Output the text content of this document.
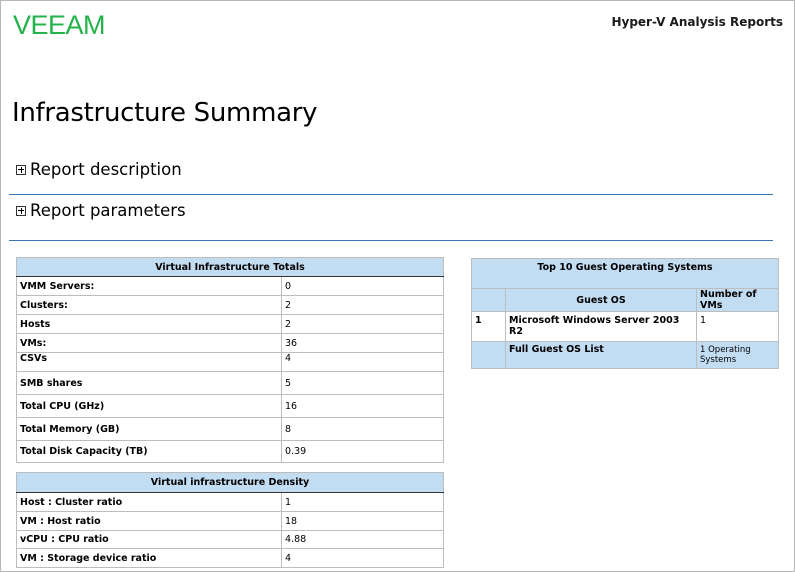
VEEAM	Hyper-V Analysis Reports
Infrastructure Summary
Report description
Report parameters
Virtual Infrastructure Totals	
VMM Servers:	0
Clusters:	2
Hosts	2
VMs:	36
CSVs	4
SMB shares	5
Total CPU (GHz)	16
Total Memory (GB)	8
Total Disk Capacity (TB)	0.39
Virtual infrastructure Density	
Host : Cluster ratio	1
VM : Host ratio	18
vCPU : CPU ratio	4.88
VM : Storage device ratio	4
Top 10 Guest Operating Systems		
	Guest OS	Number of VMs
1	Microsoft Windows Server 2003 R2	1
	Full Guest OS List	1 Operating Systems
